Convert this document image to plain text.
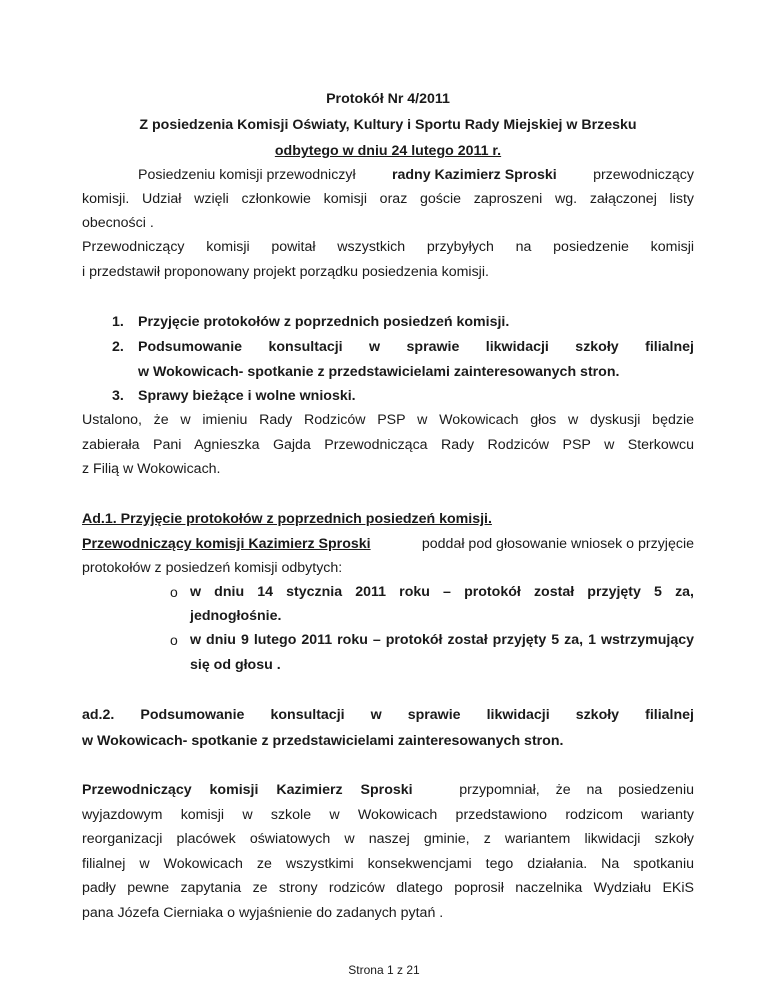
Protokół Nr 4/2011
Z posiedzenia Komisji Oświaty, Kultury i Sportu Rady Miejskiej w Brzesku
odbytego w dniu 24 lutego 2011 r.
Posiedzeniu komisji przewodniczył	radny Kazimierz Sproski	przewodniczący
komisji. Udział wzięli członkowie komisji oraz goście zaproszeni wg. załączonej listy
obecności .
Przewodniczący komisji powitał wszystkich przybyłych na posiedzenie komisji
i przedstawił proponowany projekt porządku posiedzenia komisji.
1. Przyjęcie protokołów z poprzednich posiedzeń komisji.
2. Podsumowanie konsultacji w sprawie likwidacji szkoły filialnej
w Wokowicach- spotkanie z przedstawicielami zainteresowanych stron.
3. Sprawy bieżące i wolne wnioski.
Ustalono, że w imieniu Rady Rodziców PSP w Wokowicach głos w dyskusji będzie
zabierała Pani Agnieszka Gajda Przewodnicząca Rady Rodziców PSP w Sterkowcu
z Filią w Wokowicach.
Ad.1. Przyjęcie protokołów z poprzednich posiedzeń komisji.
Przewodniczący komisji Kazimierz Sproski	poddał pod głosowanie wniosek o przyjęcie
protokołów z posiedzeń komisji odbytych:
o w dniu 14 stycznia 2011 roku – protokół został przyjęty 5 za,
jednogłośnie.
o w dniu 9 lutego 2011 roku – protokół został przyjęty 5 za, 1 wstrzymujący
się od głosu .
ad.2. Podsumowanie konsultacji w sprawie likwidacji szkoły filialnej
w Wokowicach- spotkanie z przedstawicielami zainteresowanych stron.
Przewodniczący komisji Kazimierz Sproski	przypomniał, że na posiedzeniu
wyjazdowym komisji w szkole w Wokowicach przedstawiono rodzicom warianty
reorganizacji placówek oświatowych w naszej gminie, z wariantem likwidacji szkoły
filialnej w Wokowicach ze wszystkimi konsekwencjami tego działania. Na spotkaniu
padły pewne zapytania ze strony rodziców dlatego poprosił naczelnika Wydziału EKiS
pana Józefa Cierniaka o wyjaśnienie do zadanych pytań .
Strona 1 z 21
